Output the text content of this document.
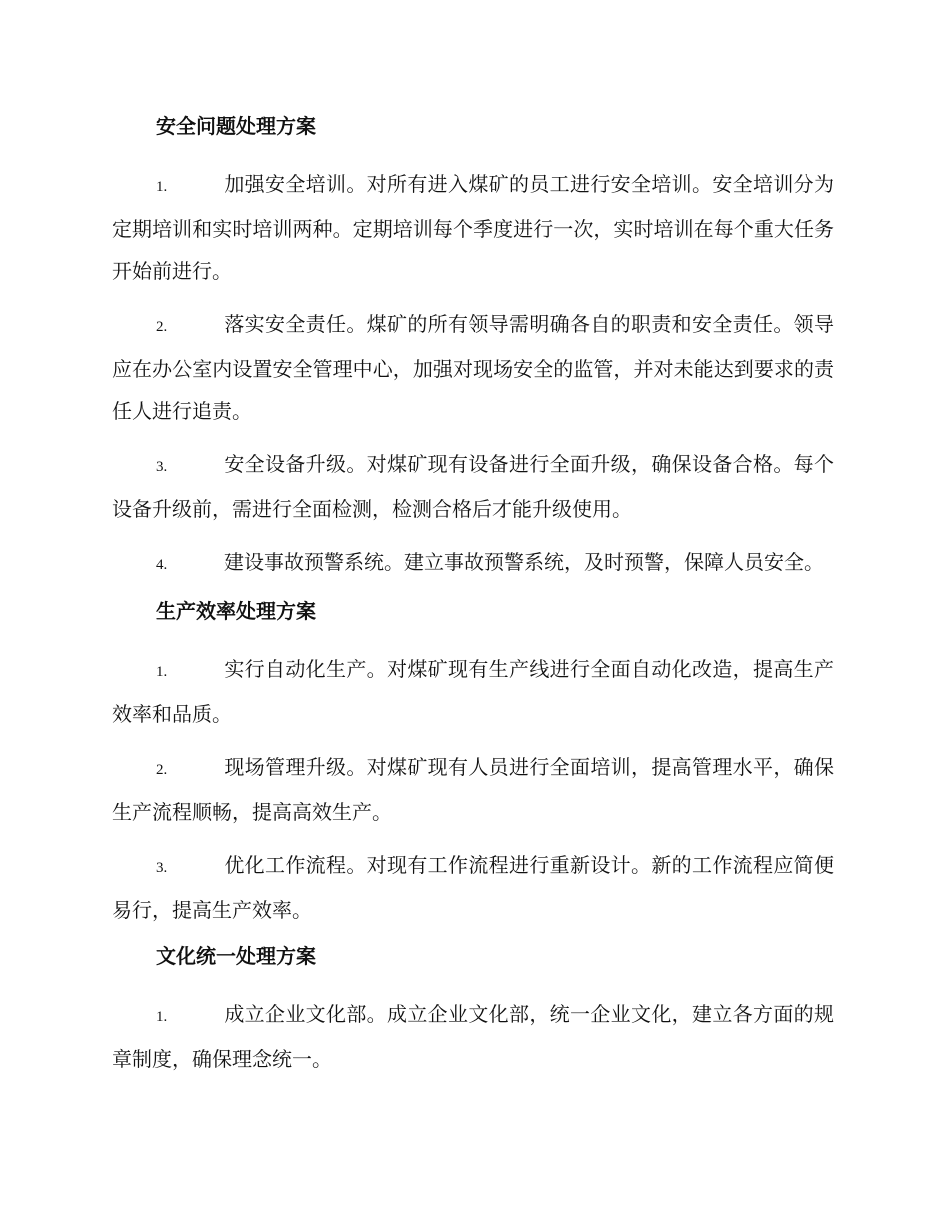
安全问题处理方案

1.	加强安全培训。对所有进入煤矿的员工进行安全培训。安全培训分为定期培训和实时培训两种。定期培训每个季度进行一次，实时培训在每个重大任务开始前进行。

2.	落实安全责任。煤矿的所有领导需明确各自的职责和安全责任。领导应在办公室内设置安全管理中心，加强对现场安全的监管，并对未能达到要求的责任人进行追责。

3.	安全设备升级。对煤矿现有设备进行全面升级，确保设备合格。每个设备升级前，需进行全面检测，检测合格后才能升级使用。

4.	建设事故预警系统。建立事故预警系统，及时预警，保障人员安全。

生产效率处理方案

1.	实行自动化生产。对煤矿现有生产线进行全面自动化改造，提高生产效率和品质。

2.	现场管理升级。对煤矿现有人员进行全面培训，提高管理水平，确保生产流程顺畅，提高高效生产。

3.	优化工作流程。对现有工作流程进行重新设计。新的工作流程应简便易行，提高生产效率。

文化统一处理方案

1.	成立企业文化部。成立企业文化部，统一企业文化，建立各方面的规章制度，确保理念统一。
